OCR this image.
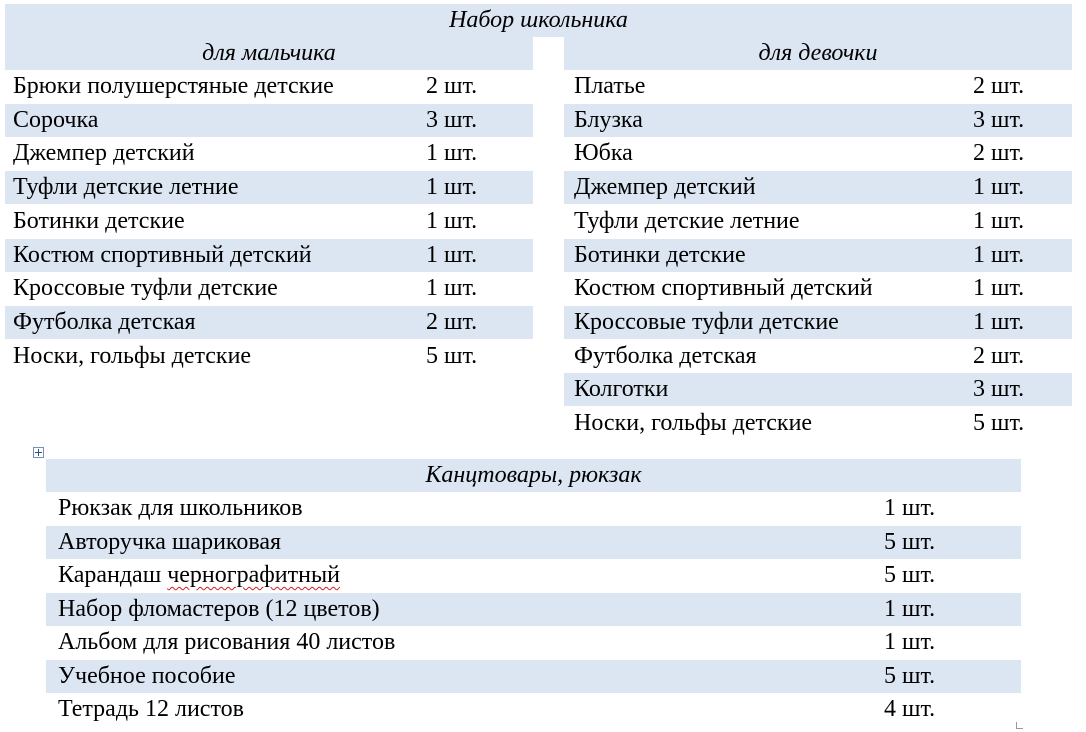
Набор школьника
для мальчика	для девочки
Брюки полушерстяные детские	2 шт.
Сорочка	3 шт.
Джемпер детский	1 шт.
Туфли детские летние	1 шт.
Ботинки детские	1 шт.
Костюм спортивный детский	1 шт.
Кроссовые туфли детские	1 шт.
Футболка детская	2 шт.
Носки, гольфы детские	5 шт.
Платье	2 шт.
Блузка	3 шт.
Юбка	2 шт.
Джемпер детский	1 шт.
Туфли детские летние	1 шт.
Ботинки детские	1 шт.
Костюм спортивный детский	1 шт.
Кроссовые туфли детские	1 шт.
Футболка детская	2 шт.
Колготки	3 шт.
Носки, гольфы детские	5 шт.
Канцтовары, рюкзак
Рюкзак для школьников	1 шт.
Авторучка шариковая	5 шт.
Карандаш чернографитный	5 шт.
Набор фломастеров (12 цветов)	1 шт.
Альбом для рисования 40 листов	1 шт.
Учебное пособие	5 шт.
Тетрадь 12 листов	4 шт.
